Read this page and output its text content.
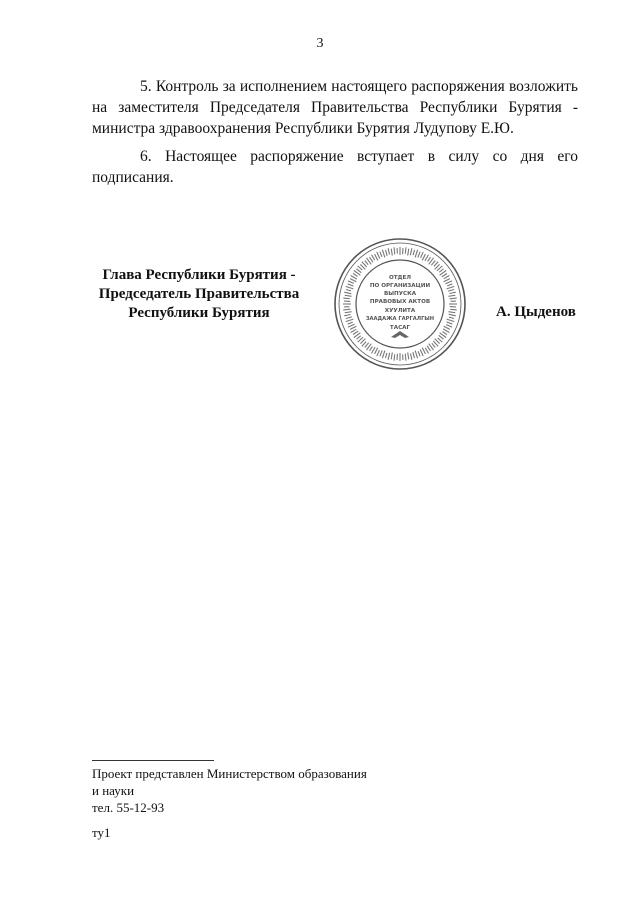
3

5. Контроль за исполнением настоящего распоряжения возложить на заместителя Председателя Правительства Республики Бурятия - министра здравоохранения Республики Бурятия Лудупову Е.Ю.

6. Настоящее распоряжение вступает в силу со дня его подписания.

Глава Республики Бурятия -
Председатель Правительства
Республики Бурятия
ОТДЕЛ
ПО ОРГАНИЗАЦИИ
ВЫПУСКА
ПРАВОВЫХ АКТОВ
ХУУЛИТА
ЗААДАЖА ГАРГАЛГЫН
ТАСАГ
А. Цыденов
Проект представлен Министерством образования
и науки
тел. 55-12-93
ту1
